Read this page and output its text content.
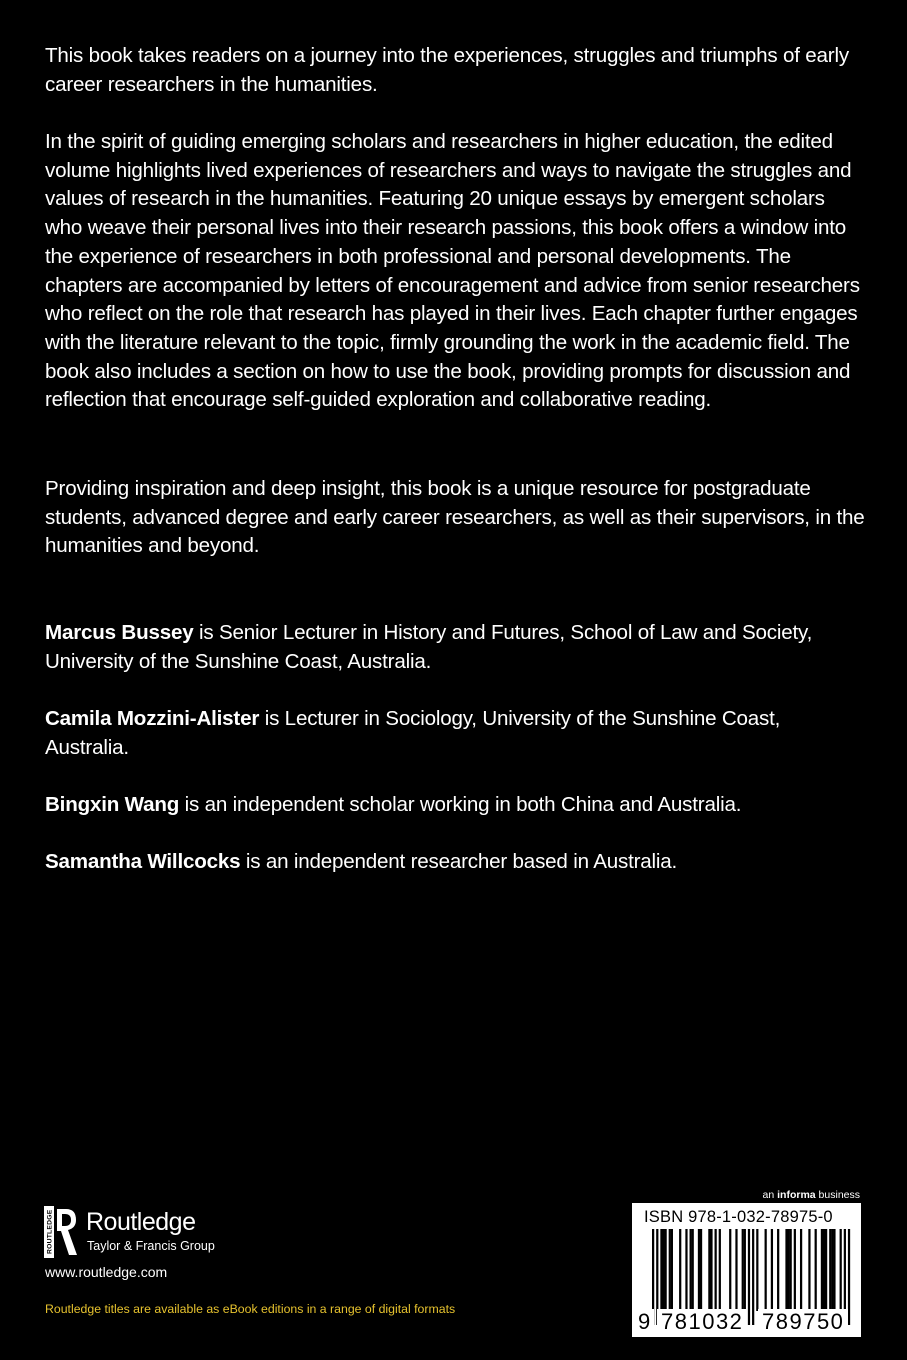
This book takes readers on a journey into the experiences, struggles and triumphs of early career researchers in the humanities.

In the spirit of guiding emerging scholars and researchers in higher education, the edited volume highlights lived experiences of researchers and ways to navigate the struggles and values of research in the humanities. Featuring 20 unique essays by emergent scholars who weave their personal lives into their research passions, this book offers a window into the experience of researchers in both professional and personal developments. The chapters are accompanied by letters of encouragement and advice from senior researchers who reflect on the role that research has played in their lives. Each chapter further engages with the literature relevant to the topic, firmly grounding the work in the academic field. The book also includes a section on how to use the book, providing prompts for discussion and reflection that encourage self-guided exploration and collaborative reading.

Providing inspiration and deep insight, this book is a unique resource for postgraduate students, advanced degree and early career researchers, as well as their supervisors, in the humanities and beyond.

Marcus Bussey is Senior Lecturer in History and Futures, School of Law and Society, University of the Sunshine Coast, Australia.

Camila Mozzini-Alister is Lecturer in Sociology, University of the Sunshine Coast, Australia.

Bingxin Wang is an independent scholar working in both China and Australia.

Samantha Willcocks is an independent researcher based in Australia.

ROUTLEDGE Routledge
Taylor & Francis Group
www.routledge.com
Routledge titles are available as eBook editions in a range of digital formats
an informa business
ISBN 978-1-032-78975-0
9 781032 789750
